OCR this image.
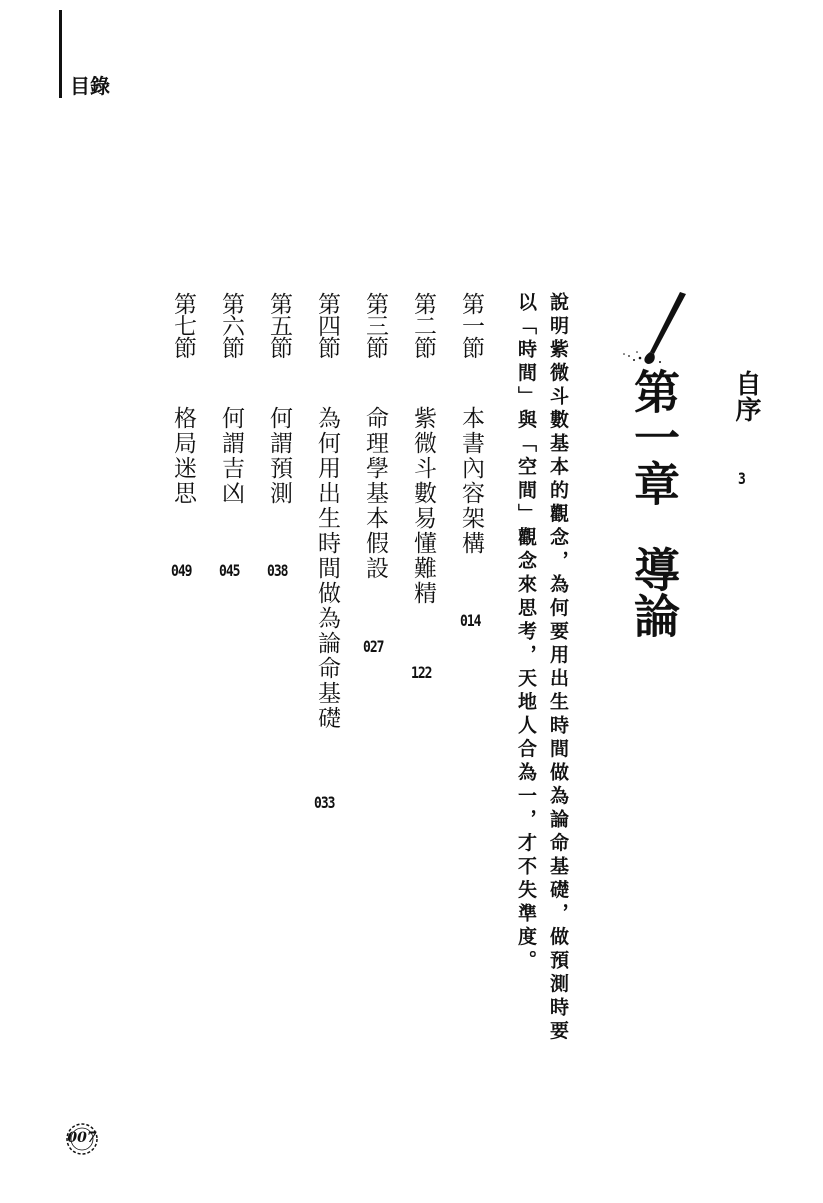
目錄
自序
3
第一章導論
說明紫微斗數基本的觀念，為何要用出生時間做為論命基礎，做預測時要以「時間」與「空間」觀念來思考，天地人合為一，才不失準度。
第一節
本書內容架構
014
第二節
紫微斗數易懂難精
122
第三節
命理學基本假設
027
第四節
為何用出生時間做為論命基礎
033
第五節
何謂預測
038
第六節
何謂吉凶
045
第七節
格局迷思
049
007
